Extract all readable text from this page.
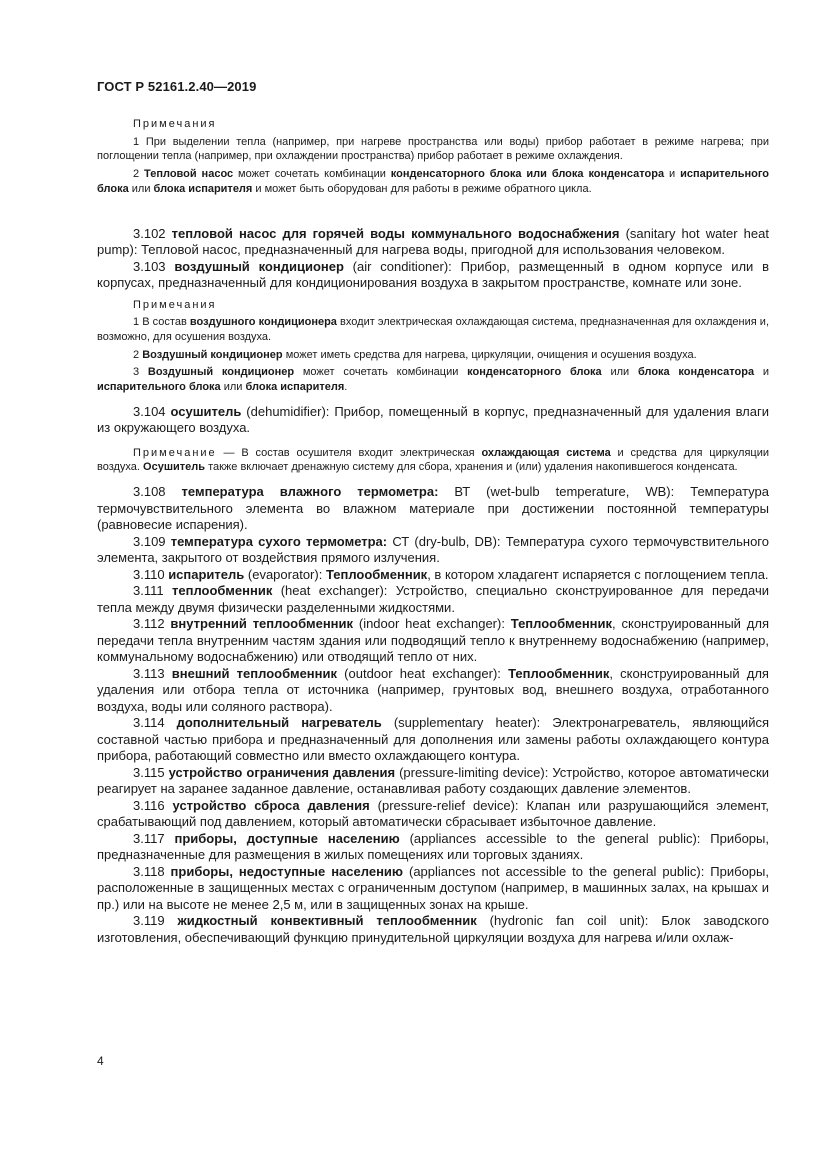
ГОСТ Р 52161.2.40—2019
Примечания
1 При выделении тепла (например, при нагреве пространства или воды) прибор работает в режиме нагрева; при поглощении тепла (например, при охлаждении пространства) прибор работает в режиме охлаждения.
2 Тепловой насос может сочетать комбинации конденсаторного блока или блока конденсатора и испарительного блока или блока испарителя и может быть оборудован для работы в режиме обратного цикла.
3.102 тепловой насос для горячей воды коммунального водоснабжения (sanitary hot water heat pump): Тепловой насос, предназначенный для нагрева воды, пригодной для использования человеком.
3.103 воздушный кондиционер (air conditioner): Прибор, размещенный в одном корпусе или в корпусах, предназначенный для кондиционирования воздуха в закрытом пространстве, комнате или зоне.
Примечания
1 В состав воздушного кондиционера входит электрическая охлаждающая система, предназначенная для охлаждения и, возможно, для осушения воздуха.
2 Воздушный кондиционер может иметь средства для нагрева, циркуляции, очищения и осушения воздуха.
3 Воздушный кондиционер может сочетать комбинации конденсаторного блока или блока конденсатора и испарительного блока или блока испарителя.
3.104 осушитель (dehumidifier): Прибор, помещенный в корпус, предназначенный для удаления влаги из окружающего воздуха.
Примечание — В состав осушителя входит электрическая охлаждающая система и средства для циркуляции воздуха. Осушитель также включает дренажную систему для сбора, хранения и (или) удаления накопившегося конденсата.
3.108 температура влажного термометра: ВТ (wet-bulb temperature, WB): Температура термочувствительного элемента во влажном материале при достижении постоянной температуры (равновесие испарения).
3.109 температура сухого термометра: СТ (dry-bulb, DB): Температура сухого термочувствительного элемента, закрытого от воздействия прямого излучения.
3.110 испаритель (evaporator): Теплообменник, в котором хладагент испаряется с поглощением тепла.
3.111 теплообменник (heat exchanger): Устройство, специально сконструированное для передачи тепла между двумя физически разделенными жидкостями.
3.112 внутренний теплообменник (indoor heat exchanger): Теплообменник, сконструированный для передачи тепла внутренним частям здания или подводящий тепло к внутреннему водоснабжению (например, коммунальному водоснабжению) или отводящий тепло от них.
3.113 внешний теплообменник (outdoor heat exchanger): Теплообменник, сконструированный для удаления или отбора тепла от источника (например, грунтовых вод, внешнего воздуха, отработанного воздуха, воды или соляного раствора).
3.114 дополнительный нагреватель (supplementary heater): Электронагреватель, являющийся составной частью прибора и предназначенный для дополнения или замены работы охлаждающего контура прибора, работающий совместно или вместо охлаждающего контура.
3.115 устройство ограничения давления (pressure-limiting device): Устройство, которое автоматически реагирует на заранее заданное давление, останавливая работу создающих давление элементов.
3.116 устройство сброса давления (pressure-relief device): Клапан или разрушающийся элемент, срабатывающий под давлением, который автоматически сбрасывает избыточное давление.
3.117 приборы, доступные населению (appliances accessible to the general public): Приборы, предназначенные для размещения в жилых помещениях или торговых зданиях.
3.118 приборы, недоступные населению (appliances not accessible to the general public): Приборы, расположенные в защищенных местах с ограниченным доступом (например, в машинных залах, на крышах и пр.) или на высоте не менее 2,5 м, или в защищенных зонах на крыше.
3.119 жидкостный конвективный теплообменник (hydronic fan coil unit): Блок заводского изготовления, обеспечивающий функцию принудительной циркуляции воздуха для нагрева и/или охлаж-
4
